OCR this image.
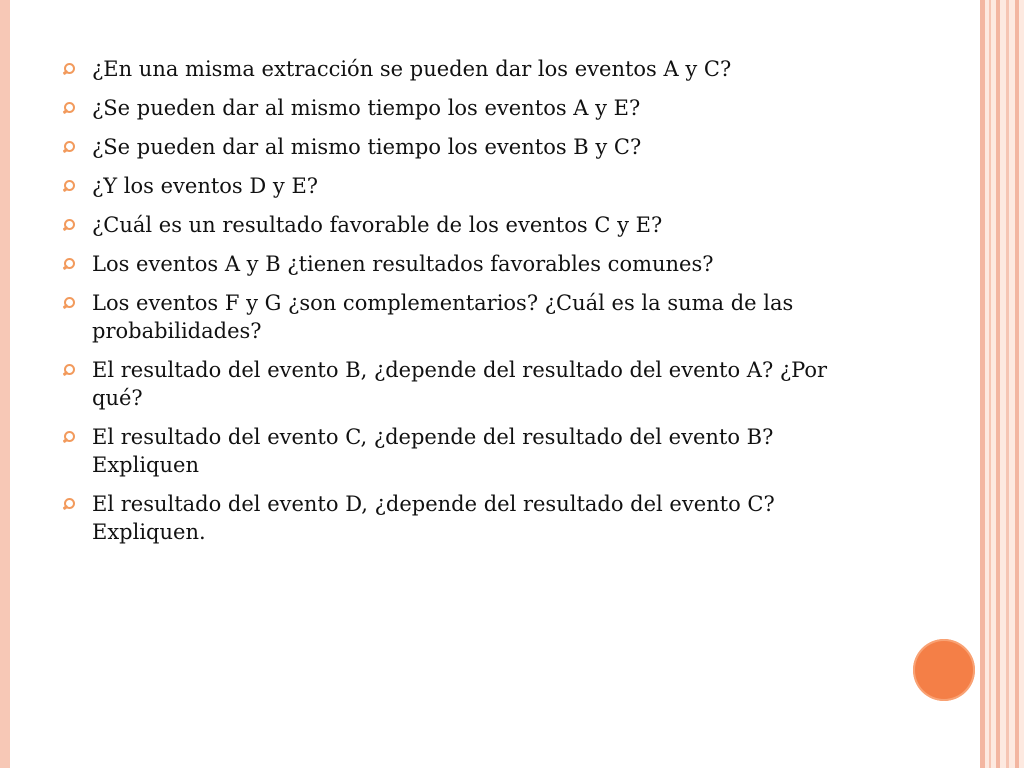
¿En una misma extracción se pueden dar los eventos A y C?
¿Se pueden dar al mismo tiempo los eventos A y E?
¿Se pueden dar al mismo tiempo los eventos B y C?
¿Y los eventos D y E?
¿Cuál es un resultado favorable de los eventos C y E?
Los eventos A y B ¿tienen resultados favorables comunes?
Los eventos F y G ¿son complementarios? ¿Cuál es la suma de las probabilidades?
El resultado del evento B, ¿depende del resultado del evento A? ¿Por qué?
El resultado del evento C, ¿depende del resultado del evento B? Expliquen
El resultado del evento D, ¿depende del resultado del evento C? Expliquen.
